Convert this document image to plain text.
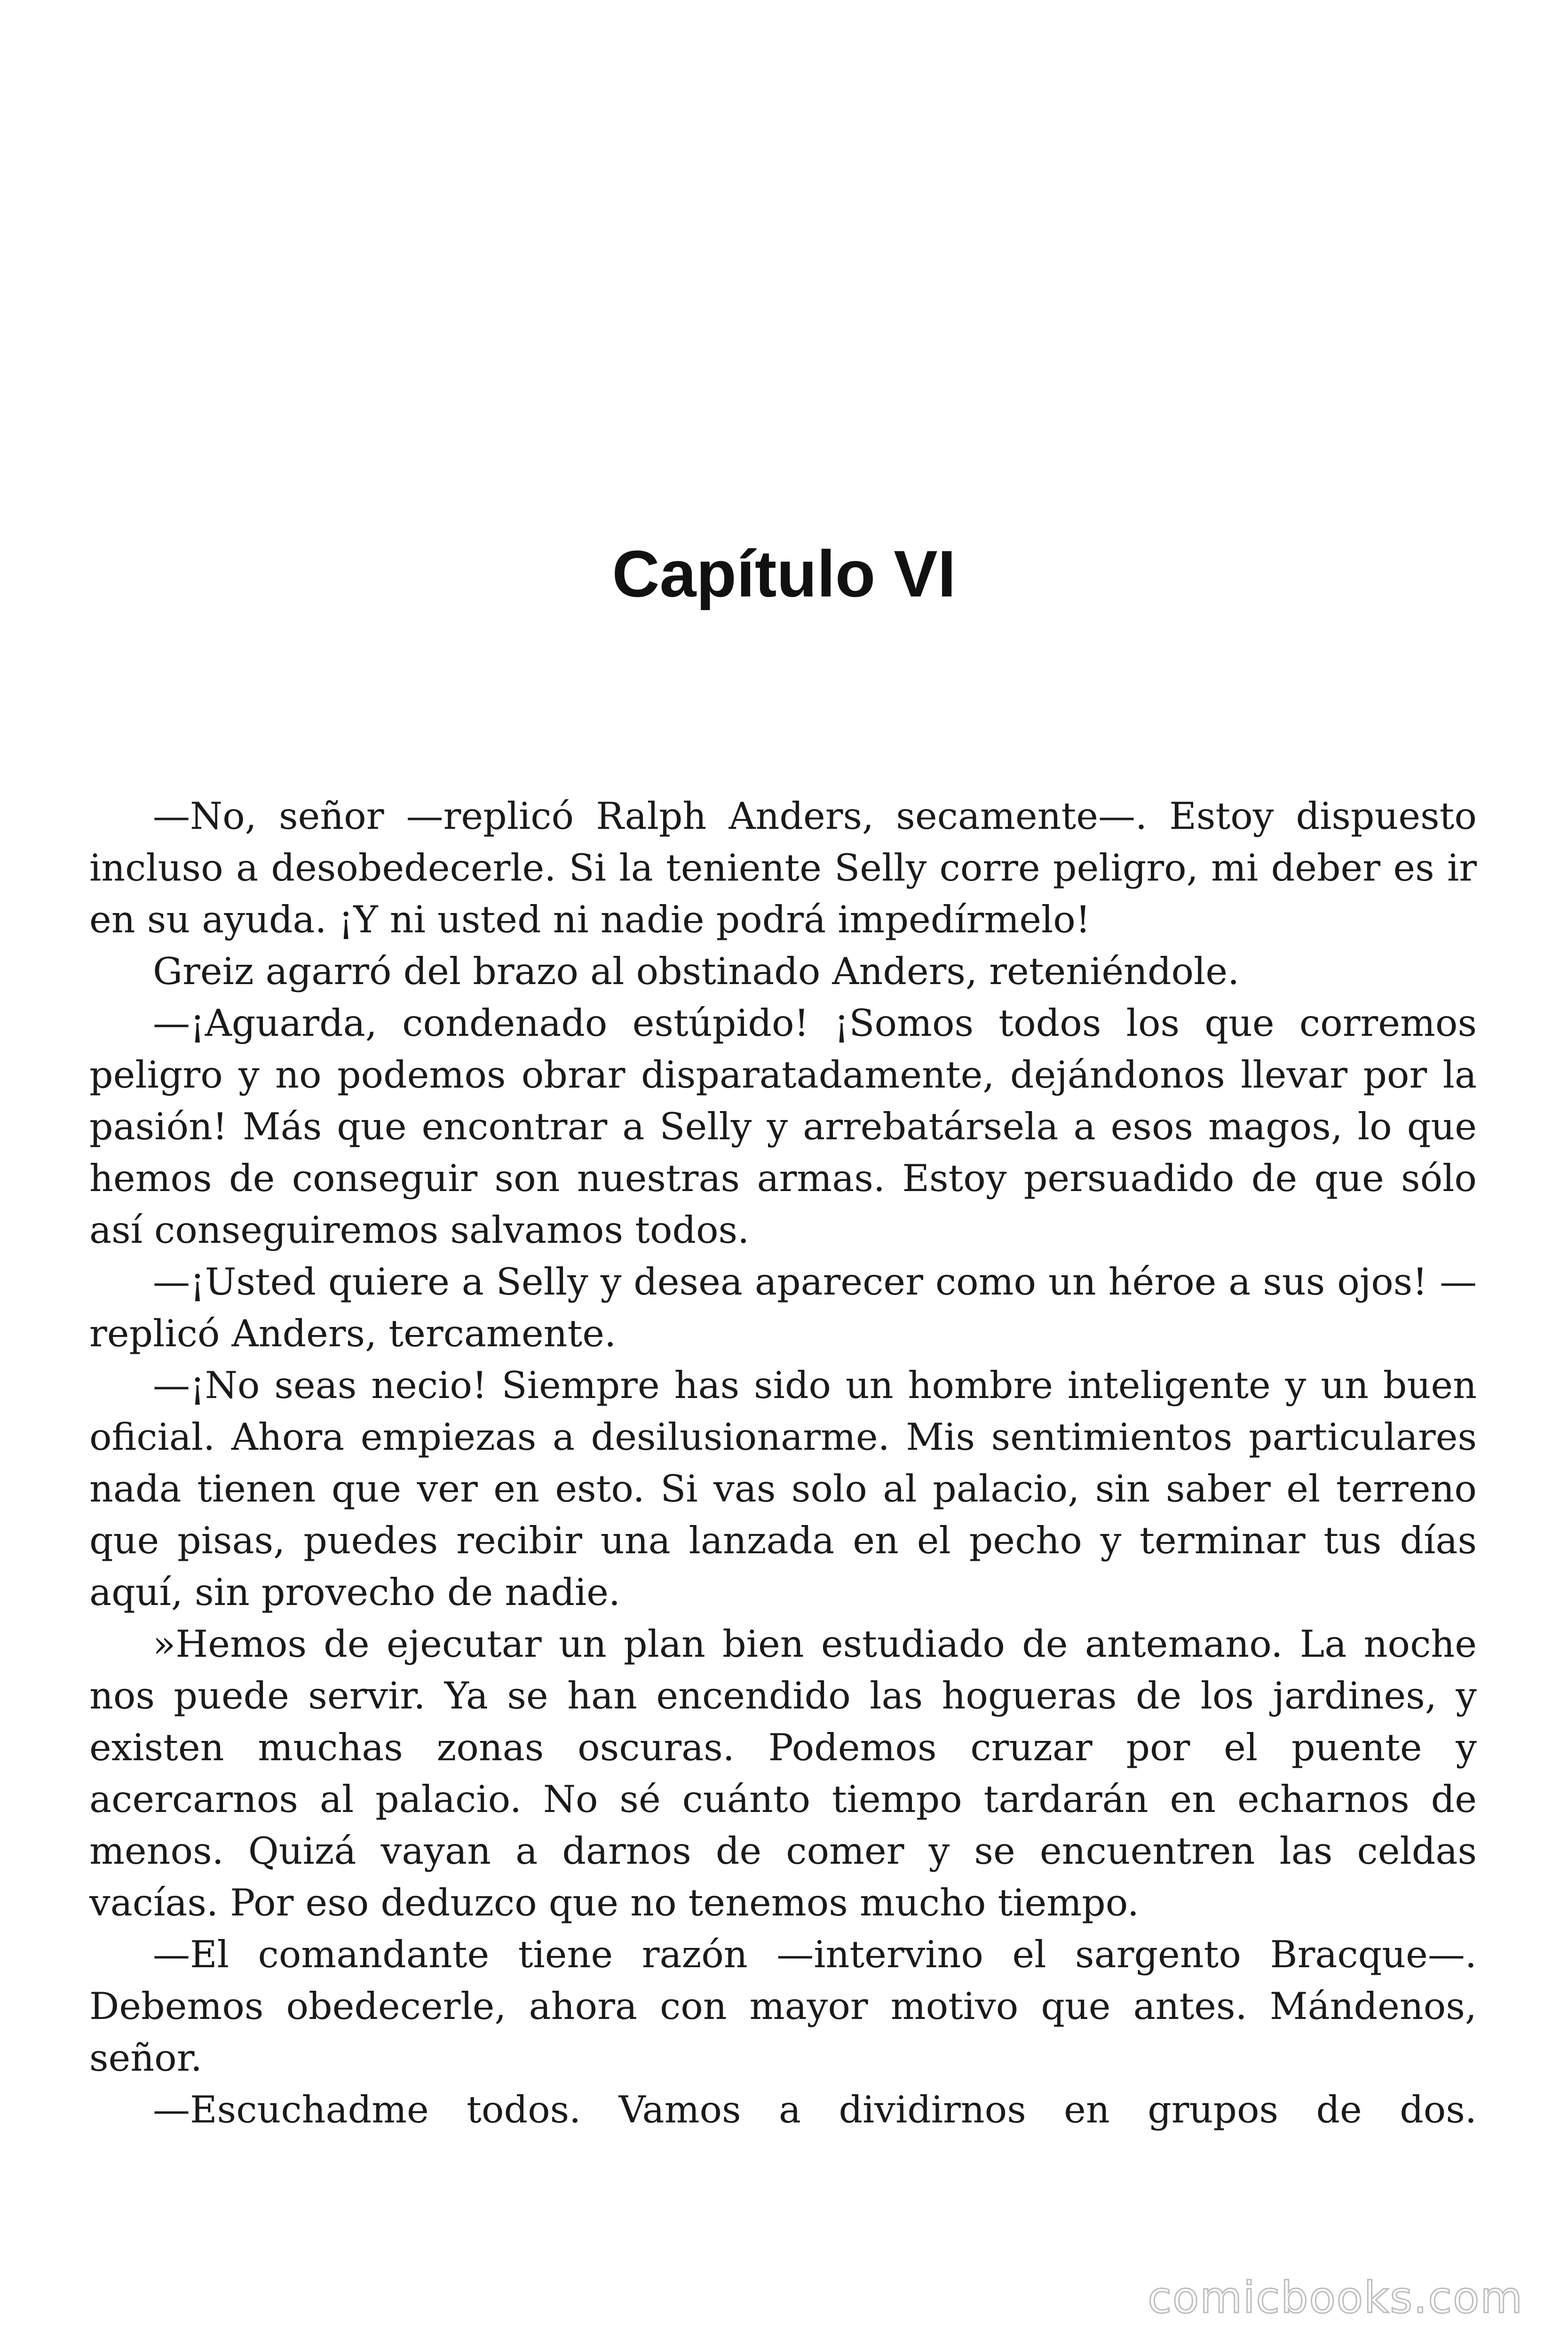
Capítulo VI

—No, señor —replicó Ralph Anders, secamente—. Estoy dispuesto incluso a desobedecerle. Si la teniente Selly corre peligro, mi deber es ir en su ayuda. ¡Y ni usted ni nadie podrá impedírmelo!

Greiz agarró del brazo al obstinado Anders, reteniéndole.

—¡Aguarda, condenado estúpido! ¡Somos todos los que corremos peligro y no podemos obrar disparatadamente, dejándonos llevar por la pasión! Más que encontrar a Selly y arrebatársela a esos magos, lo que hemos de conseguir son nuestras armas. Estoy persuadido de que sólo así conseguiremos salvamos todos.

—¡Usted quiere a Selly y desea aparecer como un héroe a sus ojos! —replicó Anders, tercamente.

—¡No seas necio! Siempre has sido un hombre inteligente y un buen oficial. Ahora empiezas a desilusionarme. Mis sentimientos particulares nada tienen que ver en esto. Si vas solo al palacio, sin saber el terreno que pisas, puedes recibir una lanzada en el pecho y terminar tus días aquí, sin provecho de nadie.

»Hemos de ejecutar un plan bien estudiado de antemano. La noche nos puede servir. Ya se han encendido las hogueras de los jardines, y existen muchas zonas oscuras. Podemos cruzar por el puente y acercarnos al palacio. No sé cuánto tiempo tardarán en echarnos de menos. Quizá vayan a darnos de comer y se encuentren las celdas vacías. Por eso deduzco que no tenemos mucho tiempo.

—El comandante tiene razón —intervino el sargento Bracque—. Debemos obedecerle, ahora con mayor motivo que antes. Mándenos, señor.

—Escuchadme todos. Vamos a dividirnos en grupos de dos.

comicbooks.com
